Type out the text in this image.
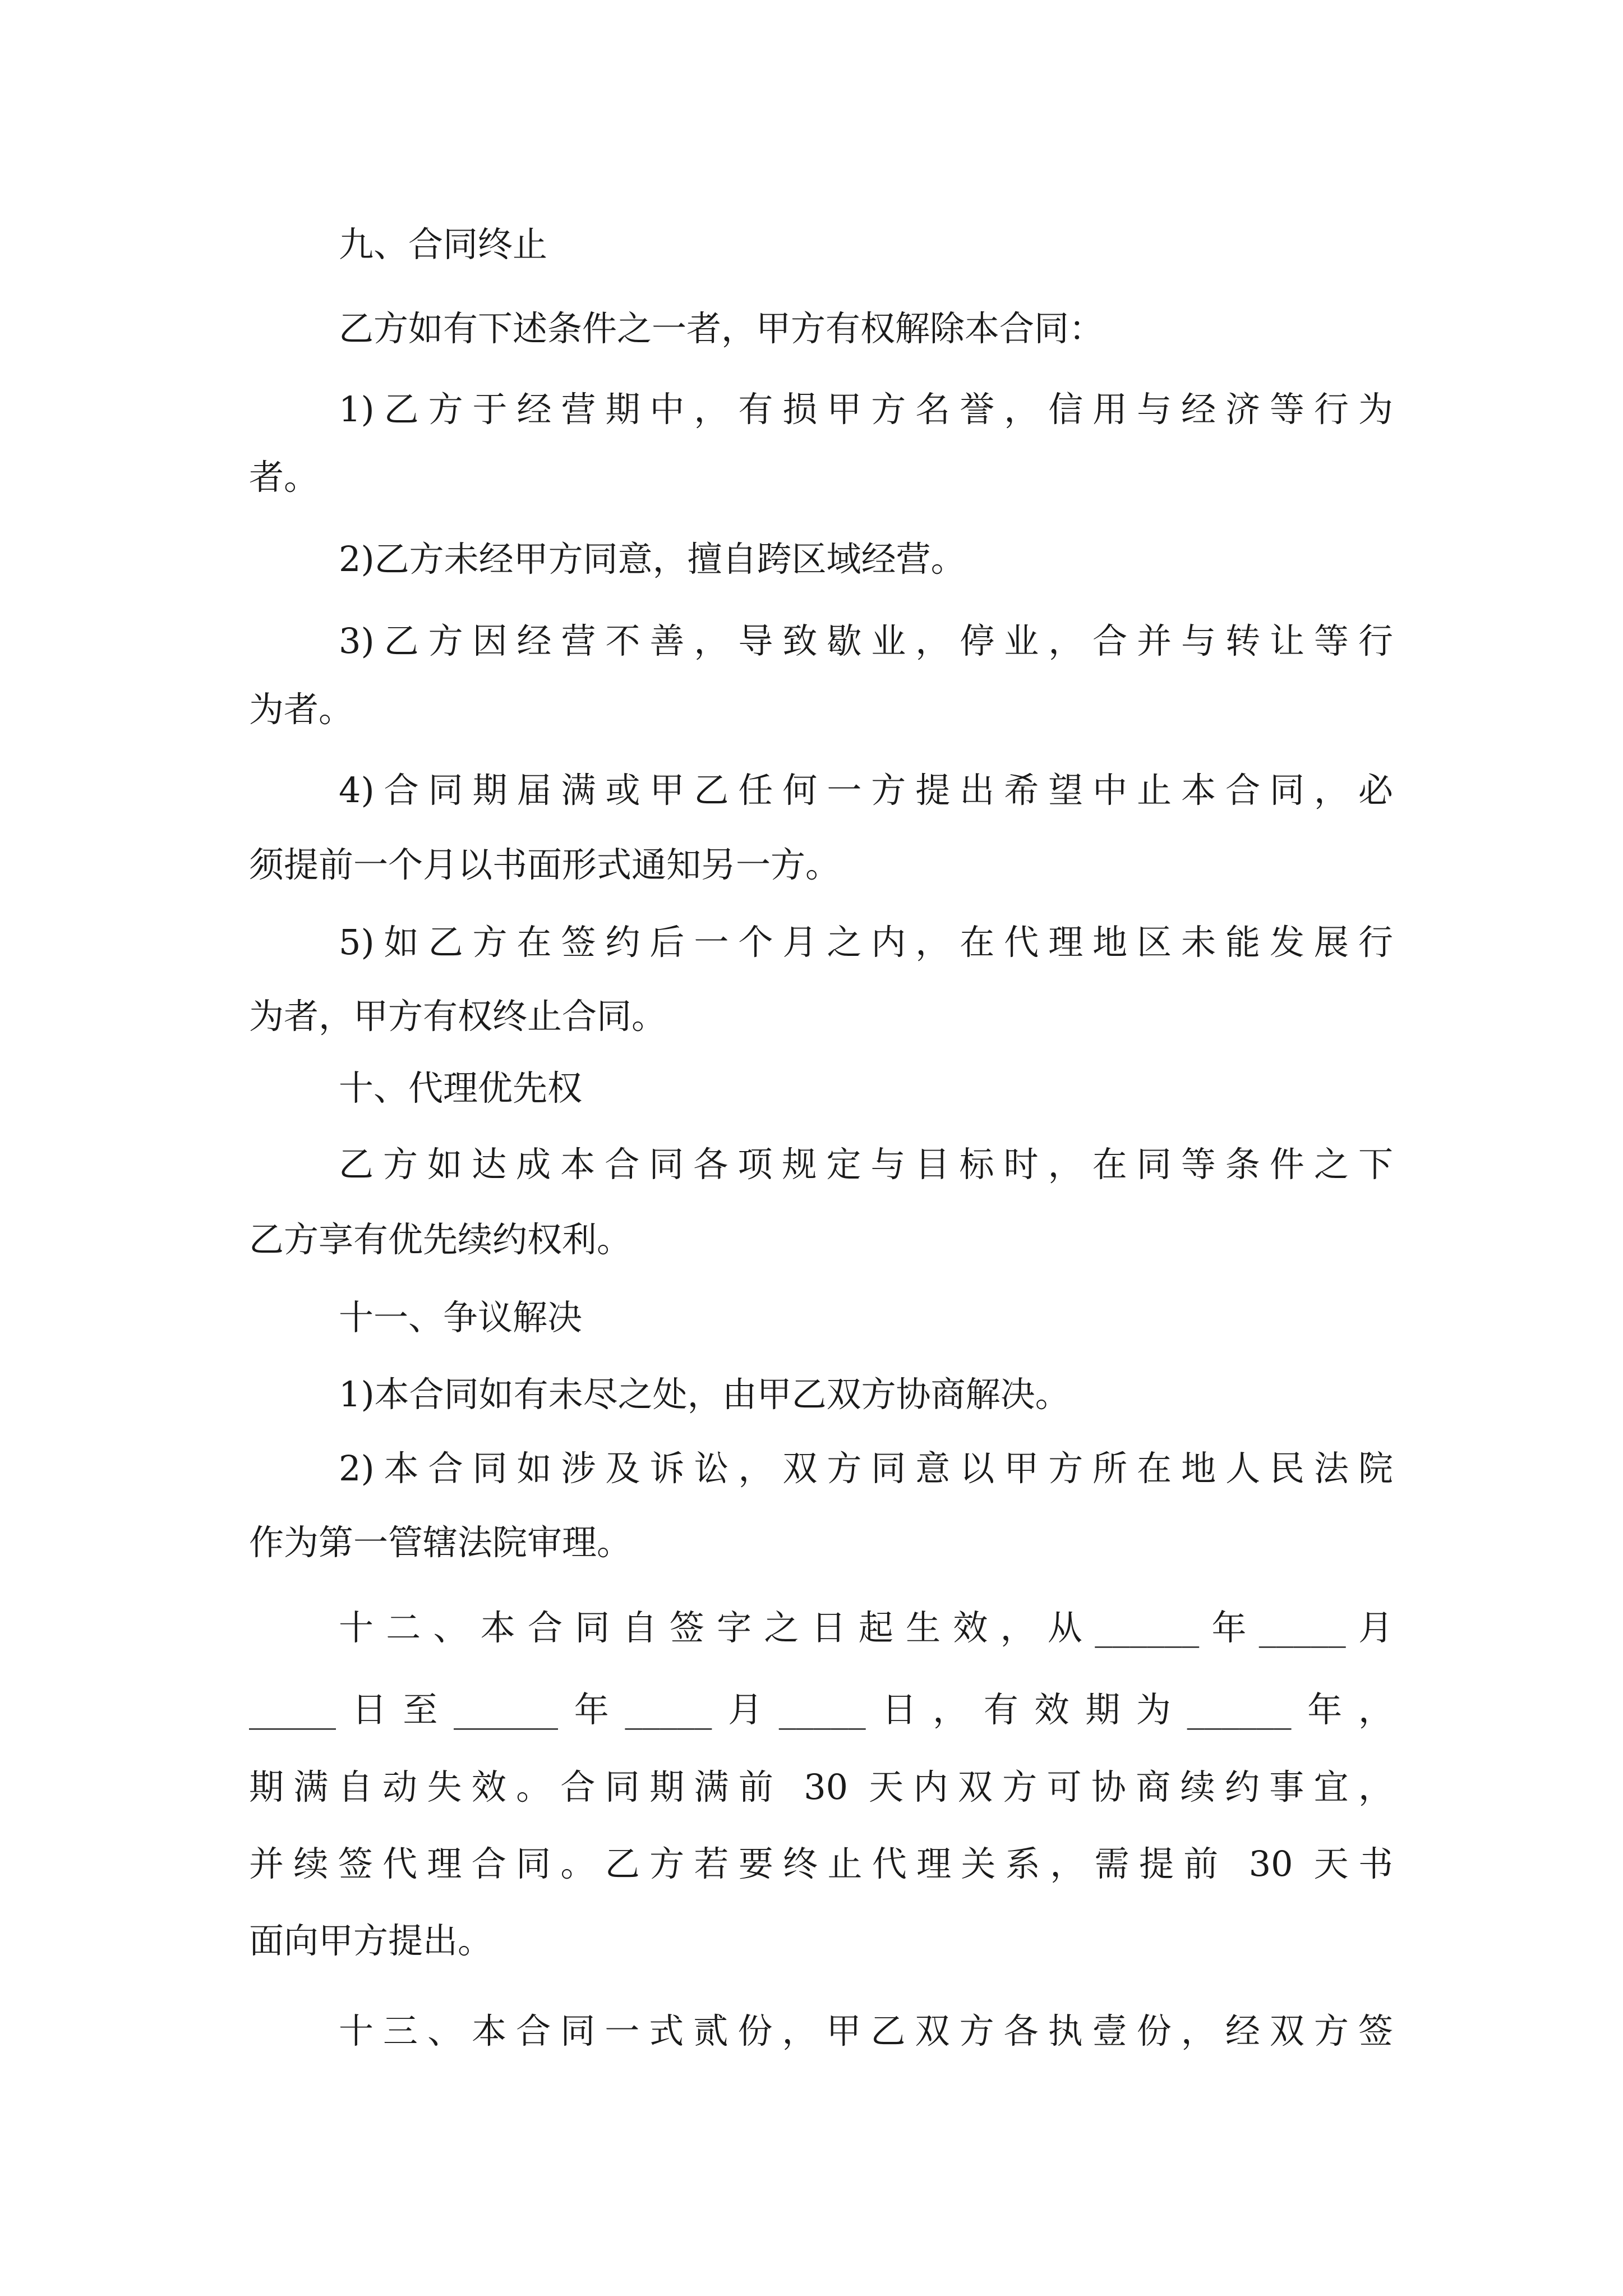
九、合同终止
乙方如有下述条件之一者，甲方有权解除本合同：
1)乙方于经营期中，有损甲方名誉，信用与经济等行为
者。
2)乙方未经甲方同意，擅自跨区域经营。
3)乙方因经营不善，导致歇业，停业，合并与转让等行
为者。
4)合同期届满或甲乙任何一方提出希望中止本合同，必
须提前一个月以书面形式通知另一方。
5)如乙方在签约后一个月之内，在代理地区未能发展行
为者，甲方有权终止合同。
十、代理优先权
乙方如达成本合同各项规定与目标时，在同等条件之下
乙方享有优先续约权利。
十一、争议解决
1)本合同如有未尽之处，由甲乙双方协商解决。
2)本合同如涉及诉讼，双方同意以甲方所在地人民法院
作为第一管辖法院审理。
十二、本合同自签字之日起生效，从______年_____月
_____日至______年_____月_____日，有效期为______年，
期满自动失效。合同期满前 30 天内双方可协商续约事宜，
并续签代理合同。乙方若要终止代理关系，需提前 30 天书
面向甲方提出。
十三、本合同一式贰份，甲乙双方各执壹份，经双方签
